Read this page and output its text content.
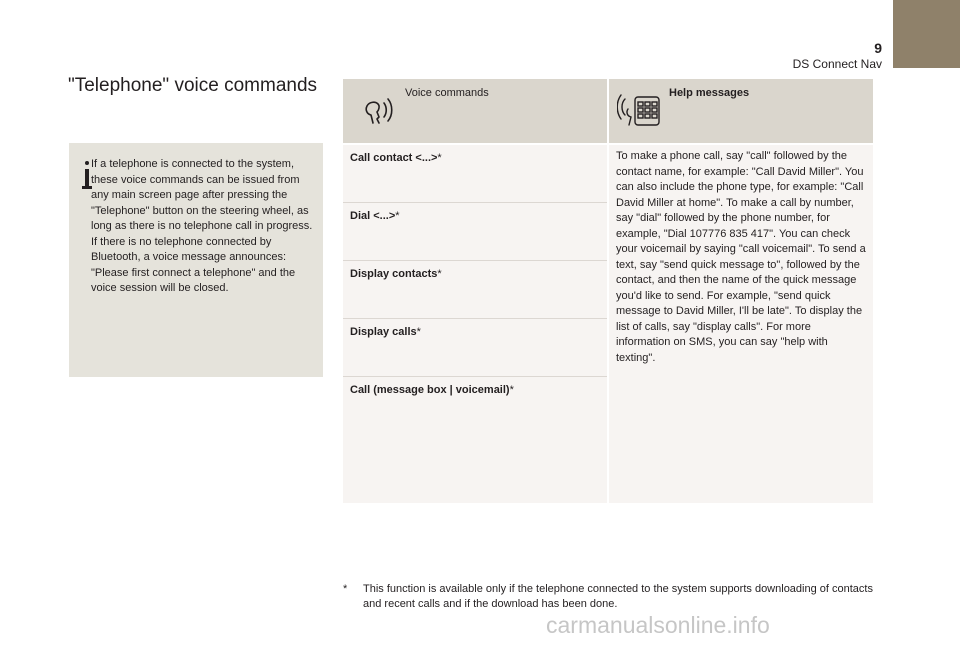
9
DS Connect Nav
"Telephone" voice commands

If a telephone is connected to the system, these voice commands can be issued from any main screen page after pressing the "Telephone" button on the steering wheel, as long as there is no telephone call in progress.

If there is no telephone connected by Bluetooth, a voice message announces: "Please first connect a telephone" and the voice session will be closed.

Voice commands	Help messages
Call contact <...>*
Dial <...>*
Display contacts*
Display calls*
Call (message box | voicemail)*

To make a phone call, say "call" followed by the contact name, for example: "Call David Miller". You can also include the phone type, for example: "Call David Miller at home". To make a call by number, say "dial" followed by the phone number, for example, "Dial 107776 835 417". You can check your voicemail by saying "call voicemail". To send a text, say "send quick message to", followed by the contact, and then the name of the quick message you'd like to send. For example, "send quick message to David Miller, I'll be late". To display the list of calls, say "display calls". For more information on SMS, you can say "help with texting".

* This function is available only if the telephone connected to the system supports downloading of contacts and recent calls and if the download has been done.
carmanualsonline.info
